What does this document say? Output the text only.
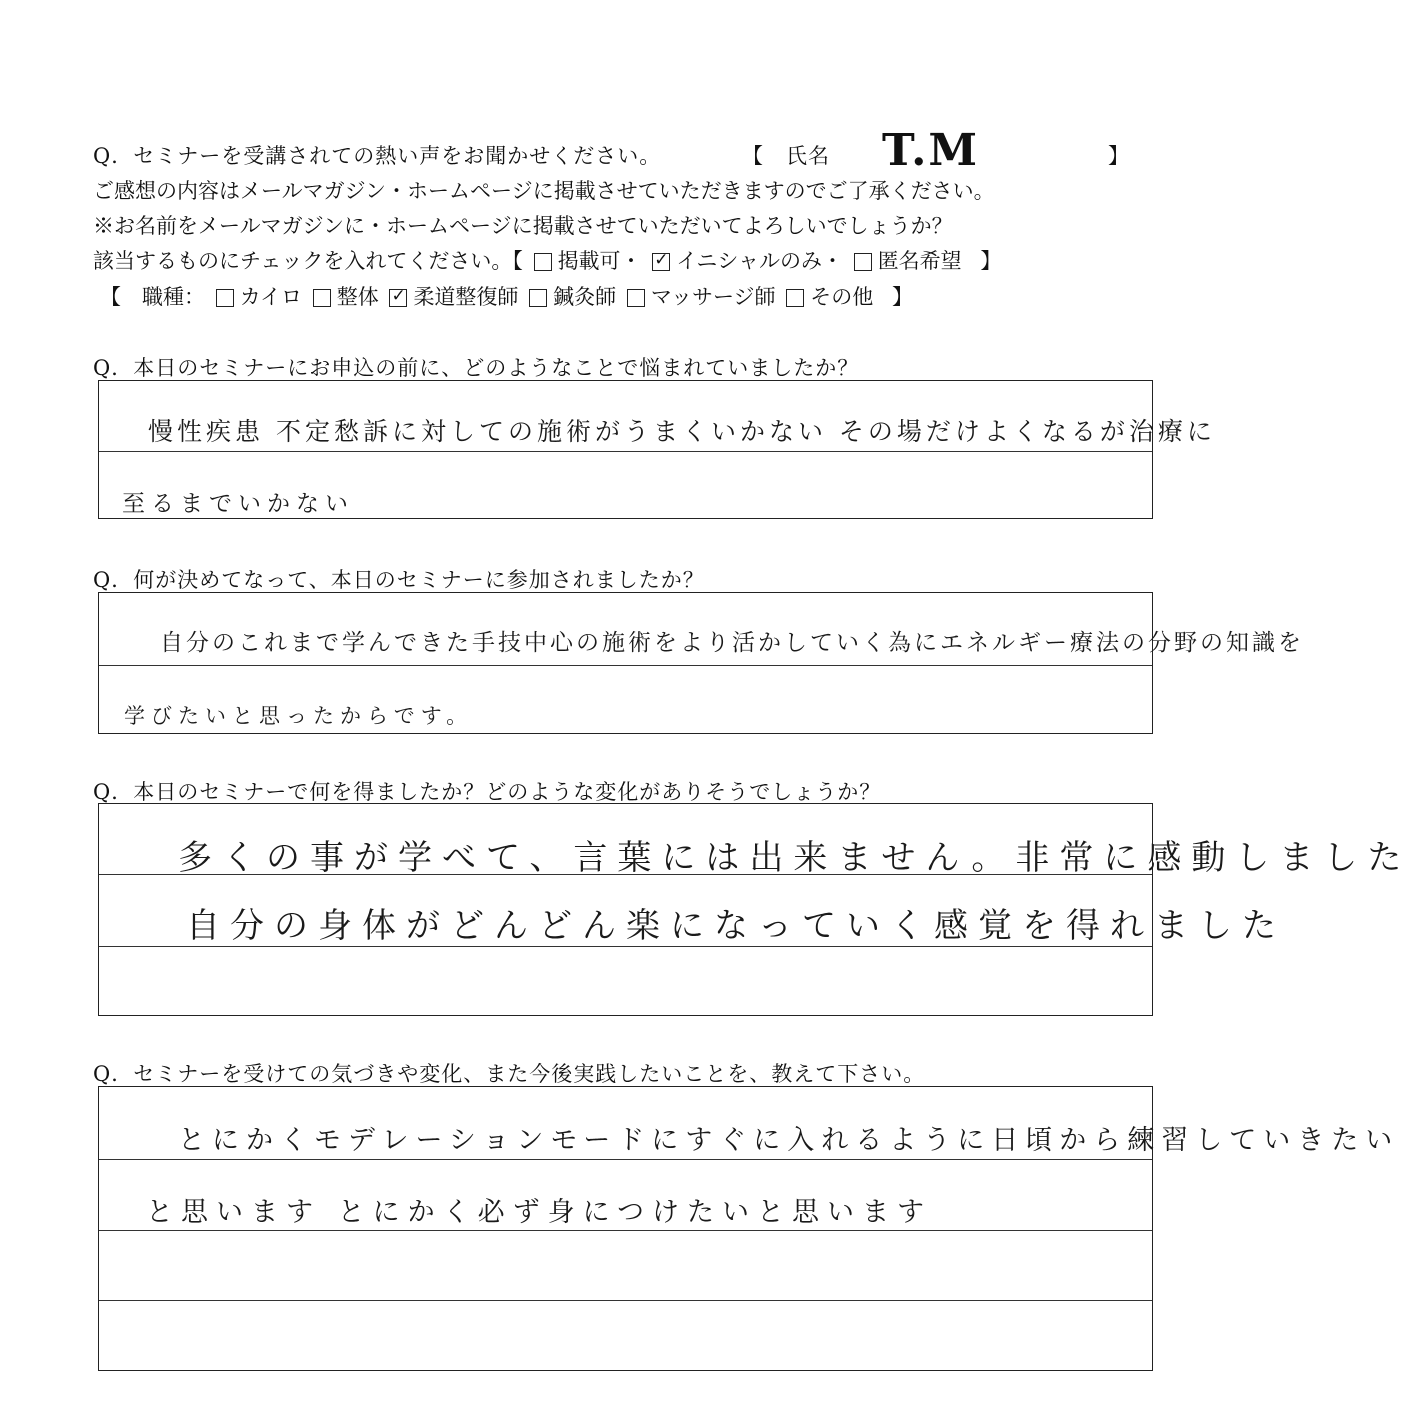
Q．セミナーを受講されての熱い声をお聞かせください。	【　氏名 T.M	】
ご感想の内容はメールマガジン・ホームページに掲載させていただきますのでご了承ください。
※お名前をメールマガジンに・ホームページに掲載させていただいてよろしいでしょうか？
該当するものにチェックを入れてください。【 掲載可・ ✓ イニシャルのみ・ 匿名希望 】
【　職種： カイロ 整体 ✓ 柔道整復師 鍼灸師 マッサージ師 その他 】
Q．本日のセミナーにお申込の前に、どのようなことで悩まれていましたか？
慢性疾患 不定愁訴に対しての施術がうまくいかない その場だけよくなるが治療に
至るまでいかない
Q．何が決めてなって、本日のセミナーに参加されましたか？
自分のこれまで学んできた手技中心の施術をより活かしていく為にエネルギー療法の分野の知識を
学びたいと思ったからです。
Q．本日のセミナーで何を得ましたか？どのような変化がありそうでしょうか？
多くの事が学べて、言葉には出来ません。非常に感動しました
自分の身体がどんどん楽になっていく感覚を得れました
Q．セミナーを受けての気づきや変化、また今後実践したいことを、教えて下さい。
とにかくモデレーションモードにすぐに入れるように日頃から練習していきたい
と思います とにかく必ず身につけたいと思います
